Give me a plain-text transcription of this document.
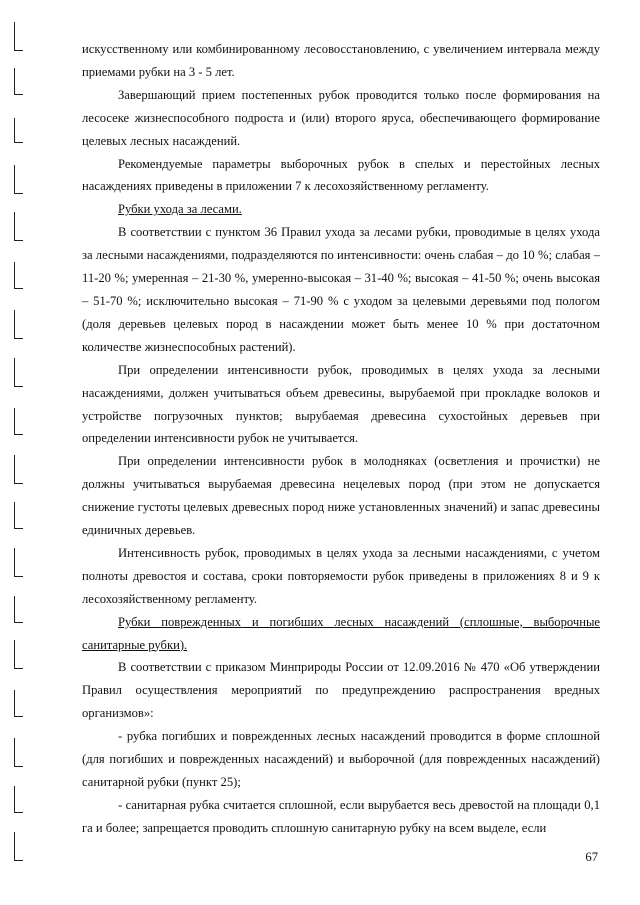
искусственному или комбинированному лесовосстановлению, с увеличением интервала между приемами рубки на 3 - 5 лет.

Завершающий прием постепенных рубок проводится только после формирования на лесосеке жизнеспособного подроста и (или) второго яруса, обеспечивающего формирование целевых лесных насаждений.

Рекомендуемые параметры выборочных рубок в спелых и перестойных лесных насаждениях приведены в приложении 7 к лесохозяйственному регламенту.

Рубки ухода за лесами.

В соответствии с пунктом 36 Правил ухода за лесами рубки, проводимые в целях ухода за лесными насаждениями, подразделяются по интенсивности: очень слабая – до 10 %; слабая – 11-20 %; умеренная – 21-30 %, умеренно-высокая – 31-40 %; высокая – 41-50 %; очень высокая – 51-70 %; исключительно высокая – 71-90 % с уходом за целевыми деревьями под пологом (доля деревьев целевых пород в насаждении может быть менее 10 % при достаточном количестве жизнеспособных растений).

При определении интенсивности рубок, проводимых в целях ухода за лесными насаждениями, должен учитываться объем древесины, вырубаемой при прокладке волоков и устройстве погрузочных пунктов; вырубаемая древесина сухостойных деревьев при определении интенсивности рубок не учитывается.

При определении интенсивности рубок в молодняках (осветления и прочистки) не должны учитываться вырубаемая древесина нецелевых пород (при этом не допускается снижение густоты целевых древесных пород ниже установленных значений) и запас древесины единичных деревьев.

Интенсивность рубок, проводимых в целях ухода за лесными насаждениями, с учетом полноты древостоя и состава, сроки повторяемости рубок приведены в приложениях 8 и 9 к лесохозяйственному регламенту.

Рубки поврежденных и погибших лесных насаждений (сплошные, выборочные санитарные рубки).

В соответствии с приказом Минприроды России от 12.09.2016 № 470 «Об утверждении Правил осуществления мероприятий по предупреждению распространения вредных организмов»:

- рубка погибших и поврежденных лесных насаждений проводится в форме сплошной (для погибших и поврежденных насаждений) и выборочной (для поврежденных насаждений) санитарной рубки (пункт 25);

- санитарная рубка считается сплошной, если вырубается весь древостой на площади 0,1 га и более; запрещается проводить сплошную санитарную рубку на всем выделе, если

67
